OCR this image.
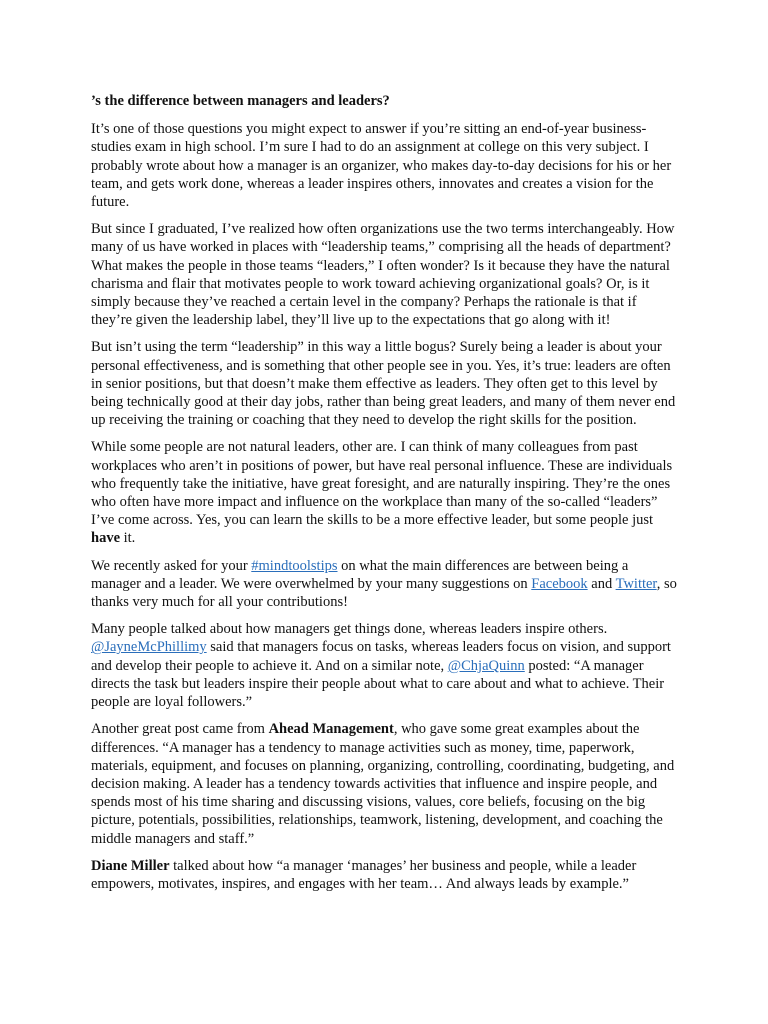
’s the difference between managers and leaders?

It’s one of those questions you might expect to answer if you’re sitting an end-of-year business-studies exam in high school. I’m sure I had to do an assignment at college on this very subject. I probably wrote about how a manager is an organizer, who makes day-to-day decisions for his or her team, and gets work done, whereas a leader inspires others, innovates and creates a vision for the future.

But since I graduated, I’ve realized how often organizations use the two terms interchangeably. How many of us have worked in places with “leadership teams,” comprising all the heads of department? What makes the people in those teams “leaders,” I often wonder? Is it because they have the natural charisma and flair that motivates people to work toward achieving organizational goals? Or, is it simply because they’ve reached a certain level in the company? Perhaps the rationale is that if they’re given the leadership label, they’ll live up to the expectations that go along with it!

But isn’t using the term “leadership” in this way a little bogus? Surely being a leader is about your personal effectiveness, and is something that other people see in you. Yes, it’s true: leaders are often in senior positions, but that doesn’t make them effective as leaders. They often get to this level by being technically good at their day jobs, rather than being great leaders, and many of them never end up receiving the training or coaching that they need to develop the right skills for the position.

While some people are not natural leaders, other are. I can think of many colleagues from past workplaces who aren’t in positions of power, but have real personal influence. These are individuals who frequently take the initiative, have great foresight, and are naturally inspiring. They’re the ones who often have more impact and influence on the workplace than many of the so-called “leaders” I’ve come across. Yes, you can learn the skills to be a more effective leader, but some people just have it.

We recently asked for your #mindtoolstips on what the main differences are between being a manager and a leader. We were overwhelmed by your many suggestions on Facebook and Twitter, so thanks very much for all your contributions!

Many people talked about how managers get things done, whereas leaders inspire others. @JayneMcPhillimy said that managers focus on tasks, whereas leaders focus on vision, and support and develop their people to achieve it. And on a similar note, @ChjaQuinn posted: “A manager directs the task but leaders inspire their people about what to care about and what to achieve. Their people are loyal followers.”

Another great post came from Ahead Management, who gave some great examples about the differences. “A manager has a tendency to manage activities such as money, time, paperwork, materials, equipment, and focuses on planning, organizing, controlling, coordinating, budgeting, and decision making. A leader has a tendency towards activities that influence and inspire people, and spends most of his time sharing and discussing visions, values, core beliefs, focusing on the big picture, potentials, possibilities, relationships, teamwork, listening, development, and coaching the middle managers and staff.”

Diane Miller talked about how “a manager ‘manages’ her business and people, while a leader empowers, motivates, inspires, and engages with her team… And always leads by example.”
